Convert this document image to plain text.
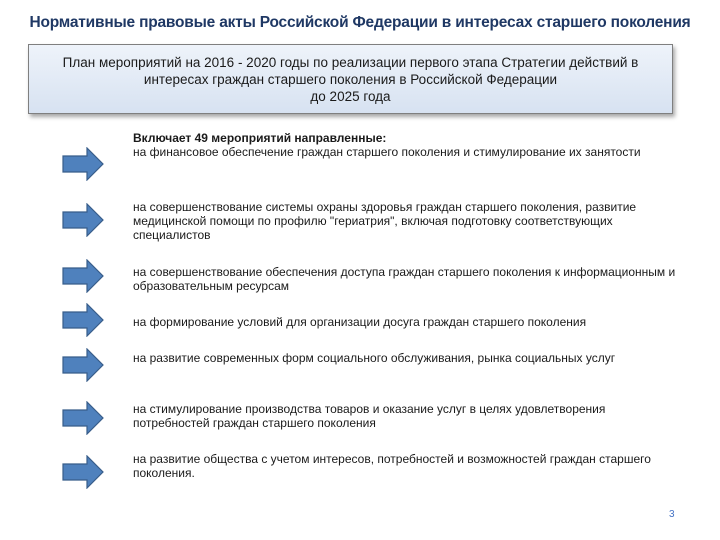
Нормативные правовые акты Российской Федерации в интересах старшего поколения
План мероприятий на 2016 - 2020 годы по реализации первого этапа Стратегии действий в
интересах граждан старшего поколения в Российской Федерации
до 2025 года
Включает 49 мероприятий направленные:
на финансовое обеспечение граждан старшего поколения и стимулирование их занятости
на совершенствование системы охраны здоровья граждан старшего поколения, развитие медицинской помощи по профилю "гериатрия", включая подготовку соответствующих специалистов
на совершенствование обеспечения доступа граждан старшего поколения к информационным и образовательным ресурсам
на формирование условий для организации досуга граждан старшего поколения
на развитие современных форм социального обслуживания, рынка социальных услуг
на стимулирование производства товаров и оказание услуг в целях удовлетворения потребностей граждан старшего поколения
на развитие общества с учетом интересов, потребностей и возможностей граждан старшего поколения.
3
